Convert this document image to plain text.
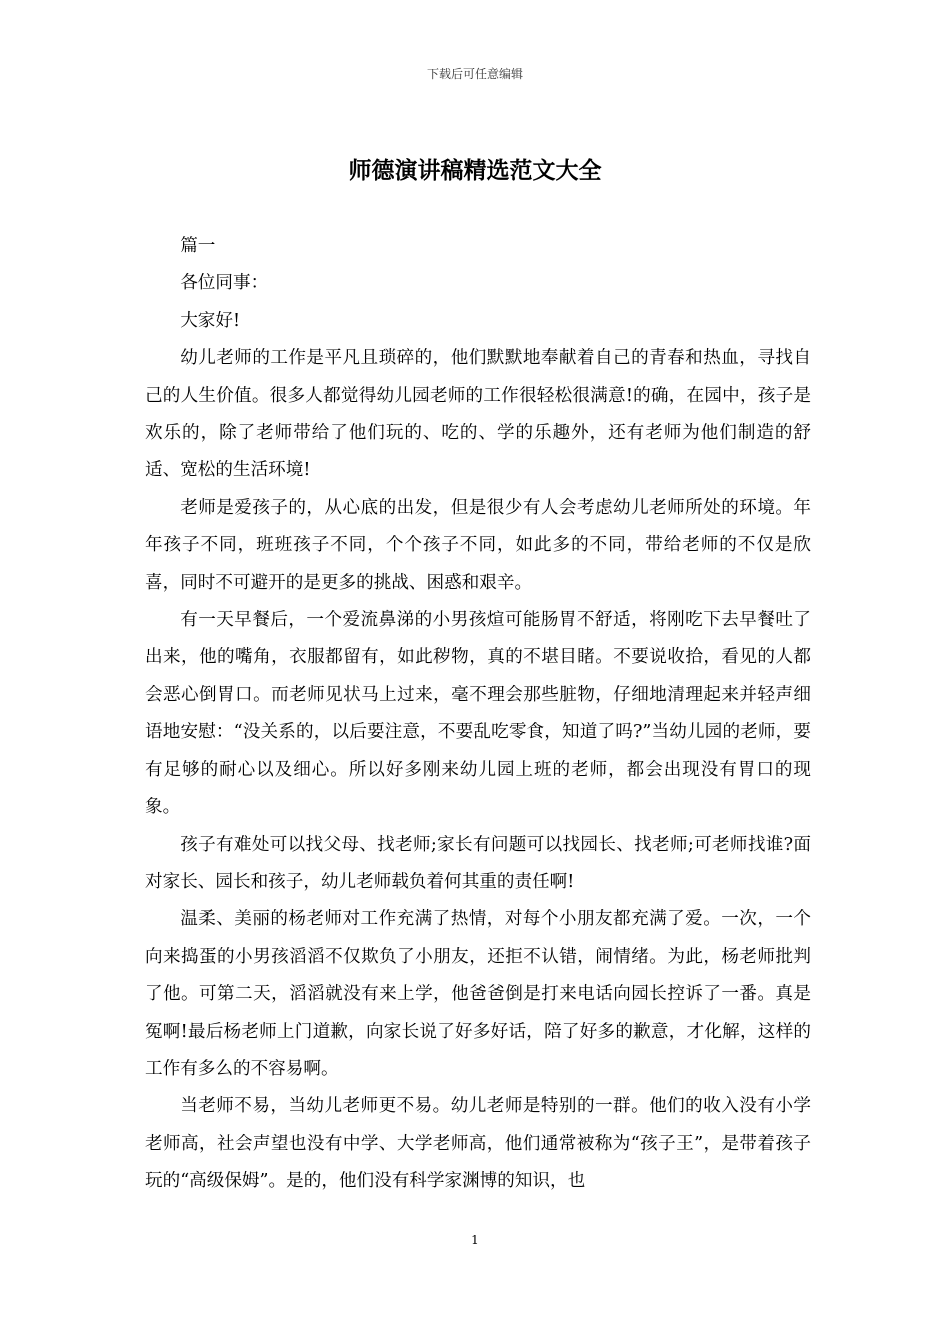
下载后可任意编辑
师德演讲稿精选范文大全

篇一

各位同事：

大家好!

幼儿老师的工作是平凡且琐碎的，他们默默地奉献着自己的青春和热血，寻找自己的人生价值。很多人都觉得幼儿园老师的工作很轻松很满意!的确，在园中，孩子是欢乐的，除了老师带给了他们玩的、吃的、学的乐趣外，还有老师为他们制造的舒适、宽松的生活环境!

老师是爱孩子的，从心底的出发，但是很少有人会考虑幼儿老师所处的环境。年年孩子不同，班班孩子不同，个个孩子不同，如此多的不同，带给老师的不仅是欣喜，同时不可避开的是更多的挑战、困惑和艰辛。

有一天早餐后，一个爱流鼻涕的小男孩煊可能肠胃不舒适，将刚吃下去早餐吐了出来，他的嘴角，衣服都留有，如此秽物，真的不堪目睹。不要说收拾，看见的人都会恶心倒胃口。而老师见状马上过来，毫不理会那些脏物，仔细地清理起来并轻声细语地安慰：“没关系的，以后要注意，不要乱吃零食，知道了吗?”当幼儿园的老师，要有足够的耐心以及细心。所以好多刚来幼儿园上班的老师，都会出现没有胃口的现象。

孩子有难处可以找父母、找老师;家长有问题可以找园长、找老师;可老师找谁?面对家长、园长和孩子，幼儿老师载负着何其重的责任啊!

温柔、美丽的杨老师对工作充满了热情，对每个小朋友都充满了爱。一次，一个向来捣蛋的小男孩滔滔不仅欺负了小朋友，还拒不认错，闹情绪。为此，杨老师批判了他。可第二天，滔滔就没有来上学，他爸爸倒是打来电话向园长控诉了一番。真是冤啊!最后杨老师上门道歉，向家长说了好多好话，陪了好多的歉意，才化解，这样的工作有多么的不容易啊。

当老师不易，当幼儿老师更不易。幼儿老师是特别的一群。他们的收入没有小学老师高，社会声望也没有中学、大学老师高，他们通常被称为“孩子王”，是带着孩子玩的“高级保姆”。是的，他们没有科学家渊博的知识，也

1
